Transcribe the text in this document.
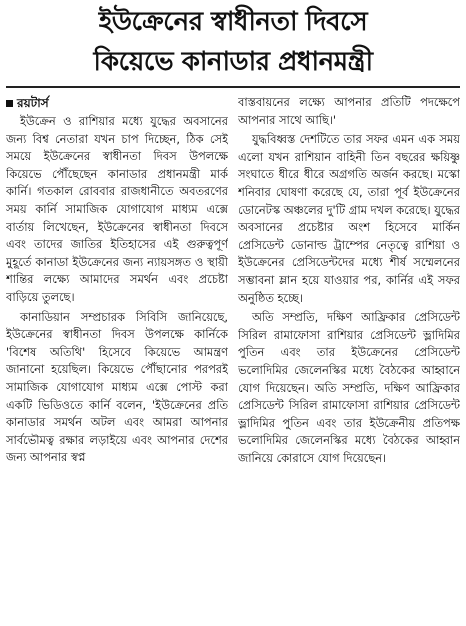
ইউক্রেনের স্বাধীনতা দিবসে
কিয়েভে কানাডার প্রধানমন্ত্রী
রয়টার্স

ইউক্রেন ও রাশিয়ার মধ্যে যুদ্ধের অবসানের জন্য বিশ্ব নেতারা যখন চাপ দিচ্ছেন, ঠিক সেই সময়ে ইউক্রেনের স্বাধীনতা দিবস উপলক্ষে কিয়েভে পৌঁছেছেন কানাডার প্রধানমন্ত্রী মার্ক কার্নি। গতকাল রোববার রাজধানীতে অবতরণের সময় কার্নি সামাজিক যোগাযোগ মাধ্যম এক্সে বার্তায় লিখেছেন, ইউক্রেনের স্বাধীনতা দিবসে এবং তাদের জাতির ইতিহাসের এই গুরুত্বপূর্ণ মুহূর্তে কানাডা ইউক্রেনের জন্য ন্যায়সঙ্গত ও স্থায়ী শান্তির লক্ষ্যে আমাদের সমর্থন এবং প্রচেষ্টা বাড়িয়ে তুলছে।

কানাডিয়ান সম্প্রচারক সিবিসি জানিয়েছে, ইউক্রেনের স্বাধীনতা দিবস উপলক্ষে কার্নিকে 'বিশেষ অতিথি' হিসেবে কিয়েভে আমন্ত্রণ জানানো হয়েছিল। কিয়েভে পৌঁছানোর পরপরই সামাজিক যোগাযোগ মাধ্যম এক্সে পোস্ট করা একটি ভিডিওতে কার্নি বলেন, 'ইউক্রেনের প্রতি কানাডার সমর্থন অটল এবং আমরা আপনার সার্বভৌমত্ব রক্ষার লড়াইয়ে এবং আপনার দেশের জন্য আপনার স্বপ্ন

বাস্তবায়নের লক্ষ্যে আপনার প্রতিটি পদক্ষেপে আপনার সাথে আছি।'

যুদ্ধবিধ্বস্ত দেশটিতে তার সফর এমন এক সময় এলো যখন রাশিয়ান বাহিনী তিন বছরের ক্ষয়িষ্ণু সংঘাতে ধীরে ধীরে অগ্রগতি অর্জন করছে। মস্কো শনিবার ঘোষণা করেছে যে, তারা পূর্ব ইউক্রেনের ডোনেটস্ক অঞ্চলের দু'টি গ্রাম দখল করেছে। যুদ্ধের অবসানের প্রচেষ্টার অংশ হিসেবে মার্কিন প্রেসিডেন্ট ডোনাল্ড ট্রাম্পের নেতৃত্বে রাশিয়া ও ইউক্রেনের প্রেসিডেন্টদের মধ্যে শীর্ষ সম্মেলনের সম্ভাবনা ম্লান হয়ে যাওয়ার পর, কার্নির এই সফর অনুষ্ঠিত হচ্ছে।

অতি সম্প্রতি, দক্ষিণ আফ্রিকার প্রেসিডেন্ট সিরিল রামাফোসা রাশিয়ার প্রেসিডেন্ট ভ্লাদিমির পুতিন এবং তার ইউক্রেনের প্রেসিডেন্ট ভলোদিমির জেলেনস্কির মধ্যে বৈঠকের আহ্বানে যোগ দিয়েছেন। অতি সম্প্রতি, দক্ষিণ আফ্রিকার প্রেসিডেন্ট সিরিল রামাফোসা রাশিয়ার প্রেসিডেন্ট ভ্লাদিমির পুতিন এবং তার ইউক্রেনীয় প্রতিপক্ষ ভলোদিমির জেলেনস্কির মধ্যে বৈঠকের আহ্বান জানিয়ে কোরাসে যোগ দিয়েছেন।
